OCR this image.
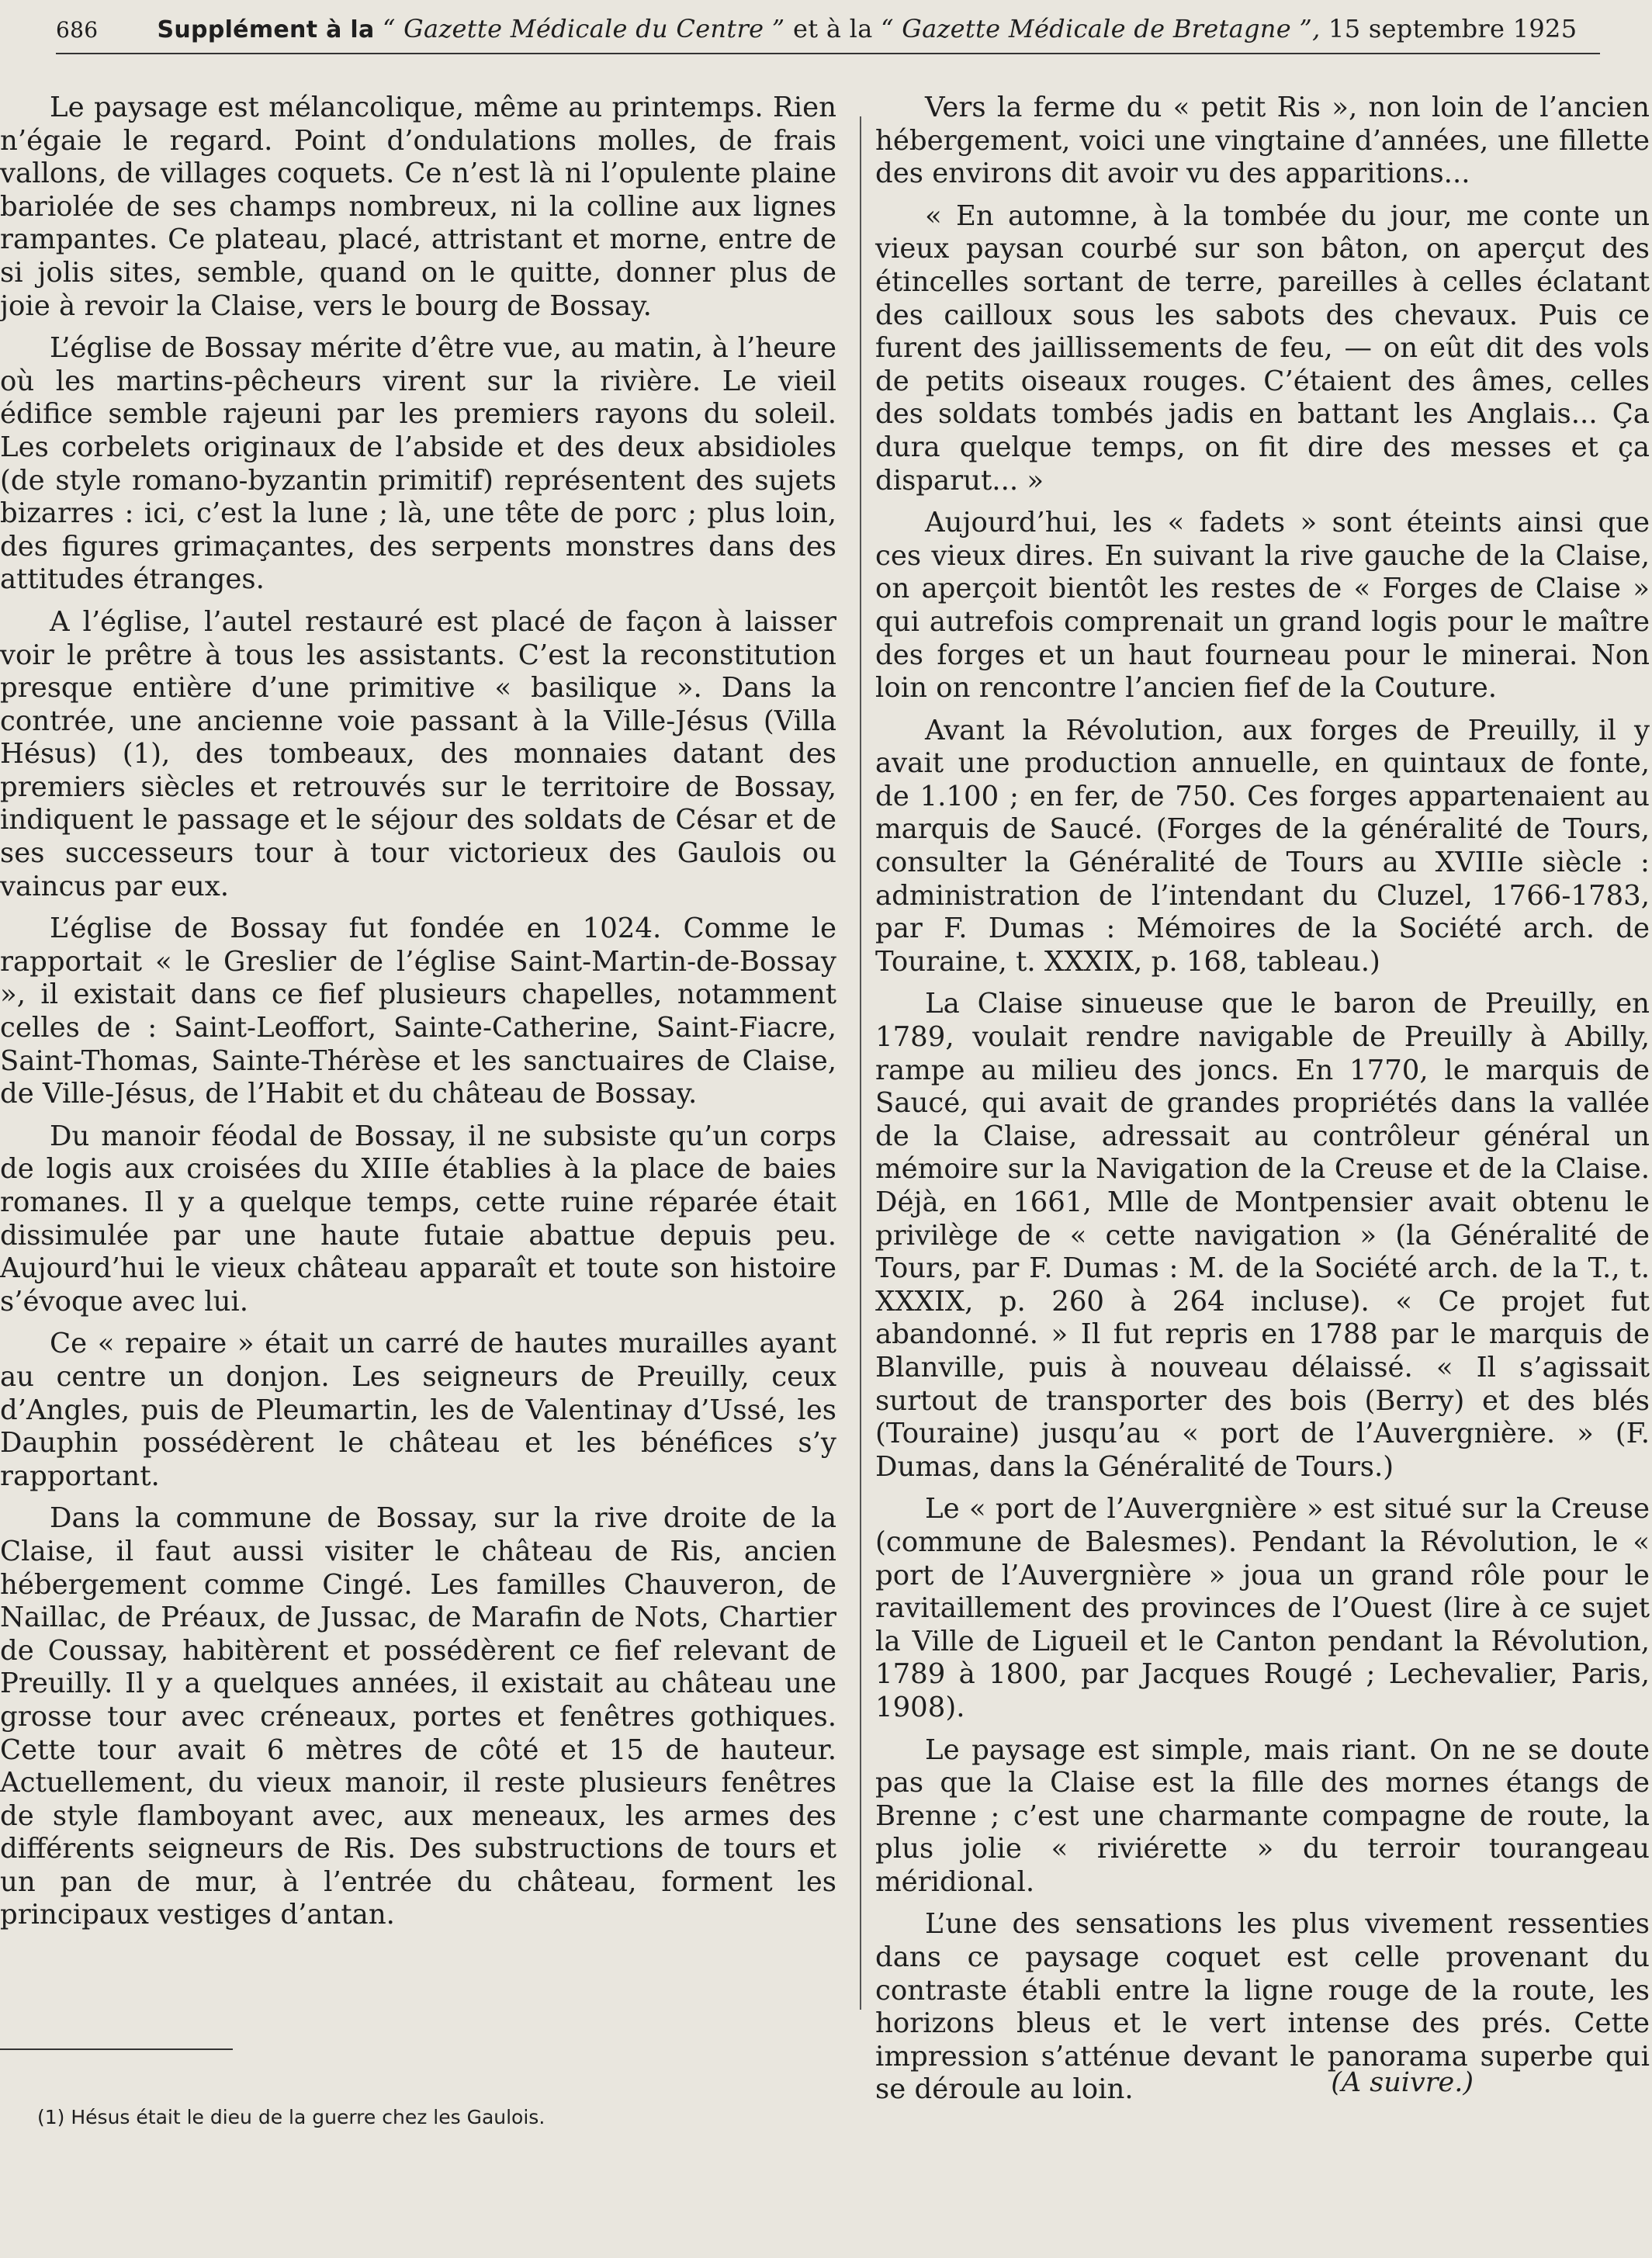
686	Supplément à la “ Gazette Médicale du Centre ” et à la “ Gazette Médicale de Bretagne ”, 15 septembre 1925

Le paysage est mélancolique, même au printemps. Rien n’égaie le regard. Point d’ondulations molles, de frais vallons, de villages coquets. Ce n’est là ni l’opulente plaine bariolée de ses champs nombreux, ni la colline aux lignes rampantes. Ce plateau, placé, attristant et morne, entre de si jolis sites, semble, quand on le quitte, donner plus de joie à revoir la Claise, vers le bourg de Bossay.

L’église de Bossay mérite d’être vue, au matin, à l’heure où les martins-pêcheurs virent sur la rivière. Le vieil édifice semble rajeuni par les premiers rayons du soleil. Les corbelets originaux de l’abside et des deux absidioles (de style romano-byzantin primitif) représentent des sujets bizarres : ici, c’est la lune ; là, une tête de porc ; plus loin, des figures grimaçantes, des serpents monstres dans des attitudes étranges.

A l’église, l’autel restauré est placé de façon à laisser voir le prêtre à tous les assistants. C’est la reconstitution presque entière d’une primitive « basilique ». Dans la contrée, une ancienne voie passant à la Ville-Jésus (Villa Hésus) (1), des tombeaux, des monnaies datant des premiers siècles et retrouvés sur le territoire de Bossay, indiquent le passage et le séjour des soldats de César et de ses successeurs tour à tour victorieux des Gaulois ou vaincus par eux.

L’église de Bossay fut fondée en 1024. Comme le rapportait « le Greslier de l’église Saint-Martin-de-Bossay », il existait dans ce fief plusieurs chapelles, notamment celles de : Saint-Leoffort, Sainte-Catherine, Saint-Fiacre, Saint-Thomas, Sainte-Thérèse et les sanctuaires de Claise, de Ville-Jésus, de l’Habit et du château de Bossay.

Du manoir féodal de Bossay, il ne subsiste qu’un corps de logis aux croisées du XIIIe établies à la place de baies romanes. Il y a quelque temps, cette ruine réparée était dissimulée par une haute futaie abattue depuis peu. Aujourd’hui le vieux château apparaît et toute son histoire s’évoque avec lui.

Ce « repaire » était un carré de hautes murailles ayant au centre un donjon. Les seigneurs de Preuilly, ceux d’Angles, puis de Pleumartin, les de Valentinay d’Ussé, les Dauphin possédèrent le château et les bénéfices s’y rapportant.

Dans la commune de Bossay, sur la rive droite de la Claise, il faut aussi visiter le château de Ris, ancien hébergement comme Cingé. Les familles Chauveron, de Naillac, de Préaux, de Jussac, de Marafin de Nots, Chartier de Coussay, habitèrent et possédèrent ce fief relevant de Preuilly. Il y a quelques années, il existait au château une grosse tour avec créneaux, portes et fenêtres gothiques. Cette tour avait 6 mètres de côté et 15 de hauteur. Actuellement, du vieux manoir, il reste plusieurs fenêtres de style flamboyant avec, aux meneaux, les armes des différents seigneurs de Ris. Des substructions de tours et un pan de mur, à l’entrée du château, forment les principaux vestiges d’antan.

Vers la ferme du « petit Ris », non loin de l’ancien hébergement, voici une vingtaine d’années, une fillette des environs dit avoir vu des apparitions...

« En automne, à la tombée du jour, me conte un vieux paysan courbé sur son bâton, on aperçut des étincelles sortant de terre, pareilles à celles éclatant des cailloux sous les sabots des chevaux. Puis ce furent des jaillissements de feu, — on eût dit des vols de petits oiseaux rouges. C’étaient des âmes, celles des soldats tombés jadis en battant les Anglais... Ça dura quelque temps, on fit dire des messes et ça disparut... »

Aujourd’hui, les « fadets » sont éteints ainsi que ces vieux dires. En suivant la rive gauche de la Claise, on aperçoit bientôt les restes de « Forges de Claise » qui autrefois comprenait un grand logis pour le maître des forges et un haut fourneau pour le minerai. Non loin on rencontre l’ancien fief de la Couture.

Avant la Révolution, aux forges de Preuilly, il y avait une production annuelle, en quintaux de fonte, de 1.100 ; en fer, de 750. Ces forges appartenaient au marquis de Saucé. (Forges de la généralité de Tours, consulter la Généralité de Tours au XVIIIe siècle : administration de l’intendant du Cluzel, 1766-1783, par F. Dumas : Mémoires de la Société arch. de Touraine, t. XXXIX, p. 168, tableau.)

La Claise sinueuse que le baron de Preuilly, en 1789, voulait rendre navigable de Preuilly à Abilly, rampe au milieu des joncs. En 1770, le marquis de Saucé, qui avait de grandes propriétés dans la vallée de la Claise, adressait au contrôleur général un mémoire sur la Navigation de la Creuse et de la Claise. Déjà, en 1661, Mlle de Montpensier avait obtenu le privilège de « cette navigation » (la Généralité de Tours, par F. Dumas : M. de la Société arch. de la T., t. XXXIX, p. 260 à 264 incluse). « Ce projet fut abandonné. » Il fut repris en 1788 par le marquis de Blanville, puis à nouveau délaissé. « Il s’agissait surtout de transporter des bois (Berry) et des blés (Touraine) jusqu’au « port de l’Auvergnière. » (F. Dumas, dans la Généralité de Tours.)

Le « port de l’Auvergnière » est situé sur la Creuse (commune de Balesmes). Pendant la Révolution, le « port de l’Auvergnière » joua un grand rôle pour le ravitaillement des provinces de l’Ouest (lire à ce sujet la Ville de Ligueil et le Canton pendant la Révolution, 1789 à 1800, par Jacques Rougé ; Lechevalier, Paris, 1908).

Le paysage est simple, mais riant. On ne se doute pas que la Claise est la fille des mornes étangs de Brenne ; c’est une charmante compagne de route, la plus jolie « riviérette » du terroir tourangeau méridional.

L’une des sensations les plus vivement ressenties dans ce paysage coquet est celle provenant du contraste établi entre la ligne rouge de la route, les horizons bleus et le vert intense des prés. Cette impression s’atténue devant le panorama superbe qui se déroule au loin.	(A suivre.)
(1) Hésus était le dieu de la guerre chez les Gaulois.
